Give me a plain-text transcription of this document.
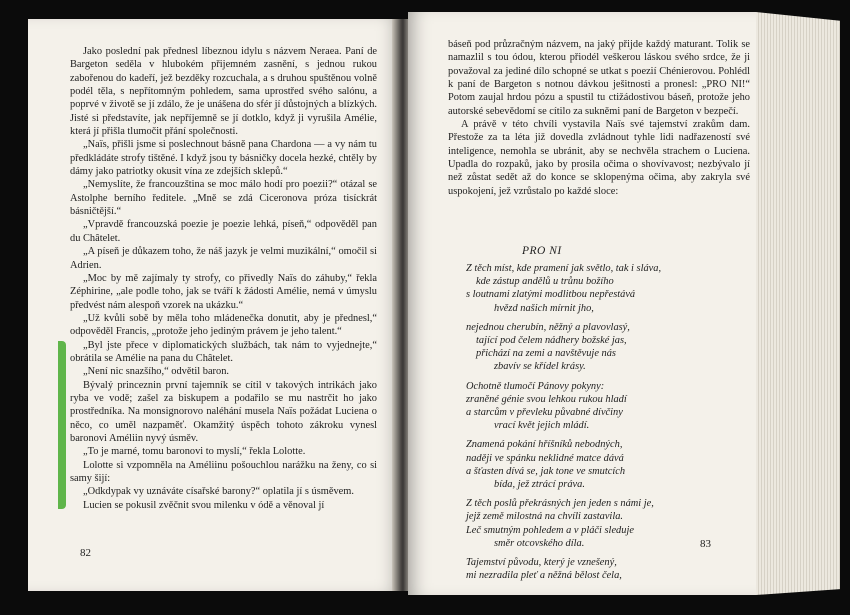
Jako poslední pak přednesl líbeznou idylu s názvem Neraea. Paní de Bargeton seděla v hlubokém přijemném zasnění, s jednou rukou zabořenou do kadeří, jež bezděky rozcuchala, a s druhou spuštěnou volně podél těla, s nepřítomným pohledem, sama uprostřed svého salónu, a poprvé v životě se jí zdálo, že je unášena do sfér jí důstojných a blízkých. Jisté si představíte, jak nepříjemně se jí dotklo, když ji vyrušila Amélie, která jí přišla tlumočit přání společnosti.

„Naïs, přišli jsme si poslechnout básně pana Chardona — a vy nám tu předkládáte strofy tištěné. I když jsou ty básničky docela hezké, chtěly by dámy jako patriotky okusit vína ze zdejších sklepů.“

„Nemyslíte, že francouzština se moc málo hodí pro poezii?“ otázal se Astolphe berního ředitele. „Mně se zdá Ciceronova próza tisíckrát básničtější.“

„Vpravdě francouzská poezie je poezie lehká, píseň,“ odpověděl pan du Châtelet.

„A píseň je důkazem toho, že náš jazyk je velmi muzikální,“ omočil si Adrien.

„Moc by mě zajímaly ty strofy, co přivedly Naïs do záhuby,“ řekla Zéphirine, „ale podle toho, jak se tváří k žádosti Amélie, nemá v úmyslu předvést nám alespoň vzorek na ukázku.“

„Už kvůli sobě by měla toho mládenečka donutit, aby je přednesl,“ odpověděl Francis, „protože jeho jediným právem je jeho talent.“

„Byl jste přece v diplomatických službách, tak nám to vyjednejte,“ obrátila se Amélie na pana du Châtelet.

„Není nic snazšího,“ odvětil baron.

Bývalý princeznin první tajemník se cítil v takových intrikách jako ryba ve vodě; zašel za biskupem a podařilo se mu nastrčit ho jako prostředníka. Na monsignorovo naléhání musela Naïs požádat Luciena o něco, co uměl nazpaměť. Okamžitý úspěch tohoto zákroku vynesl baronovi Améliin nyvý úsměv.

„To je marné, tomu baronovi to myslí,“ řekla Lolotte.

Lolotte si vzpomněla na Améliinu pošouchlou narážku na ženy, co si samy šijí:

„Odkdypak vy uznáváte císařské barony?“ oplatila jí s úsměvem.

Lucien se pokusil zvěčnit svou milenku v ódě a věnoval jí

82

báseň pod průzračným názvem, na jaký přijde každý maturant. Tolik se namazlil s tou ódou, kterou přiodél veškerou láskou svého srdce, že ji považoval za jediné dílo schopné se utkat s poezií Chénierovou. Pohlédl k paní de Bargeton s notnou dávkou ješitnosti a pronesl: „PRO NI!“ Potom zaujal hrdou pózu a spustil tu ctižádostivou báseň, protože jeho autorské sebevědomí se cítilo za sukněmi paní de Bargeton v bezpečí.

A právě v této chvíli vystavila Naïs své tajemství zrakům dam. Přestože za ta léta již dovedla zvládnout tyhle lidi nadřazeností své inteligence, nemohla se ubránit, aby se nechvěla strachem o Luciena. Upadla do rozpaků, jako by prosila očima o shovívavost; nezbývalo jí než zůstat sedět až do konce se sklopenýma očima, aby zakryla své uspokojení, jež vzrůstalo po každé sloce:

PRO NI
Z těch míst, kde pramení jak světlo, tak i sláva,
kde zástup andělů u trůnu božího
s loutnami zlatými modlitbou nepřestává
hvězd našich mírnit jho,
nejednou cherubín, něžný a plavovlasý,
tající pod čelem nádhery božské jas,
přichází na zemi a navštěvuje nás
zbavív se křídel krásy.
Ochotně tlumočí Pánovy pokyny:
zraněné génie svou lehkou rukou hladí
a starcům v převleku půvabné dívčiny
vrací květ jejich mládí.
Znamená pokání hříšníků nebodných,
naději ve spánku neklidné matce dává
a šťasten dívá se, jak tone ve smutcích
bída, jež ztrácí práva.
Z těch poslů překrásných jen jeden s námi je,
jejž země milostná na chvíli zastavila.
Leč smutným pohledem a v pláči sleduje
směr otcovského díla.
Tajemství původu, který je vznešený,
mi nezradila pleť a něžná bělost čela,
83
